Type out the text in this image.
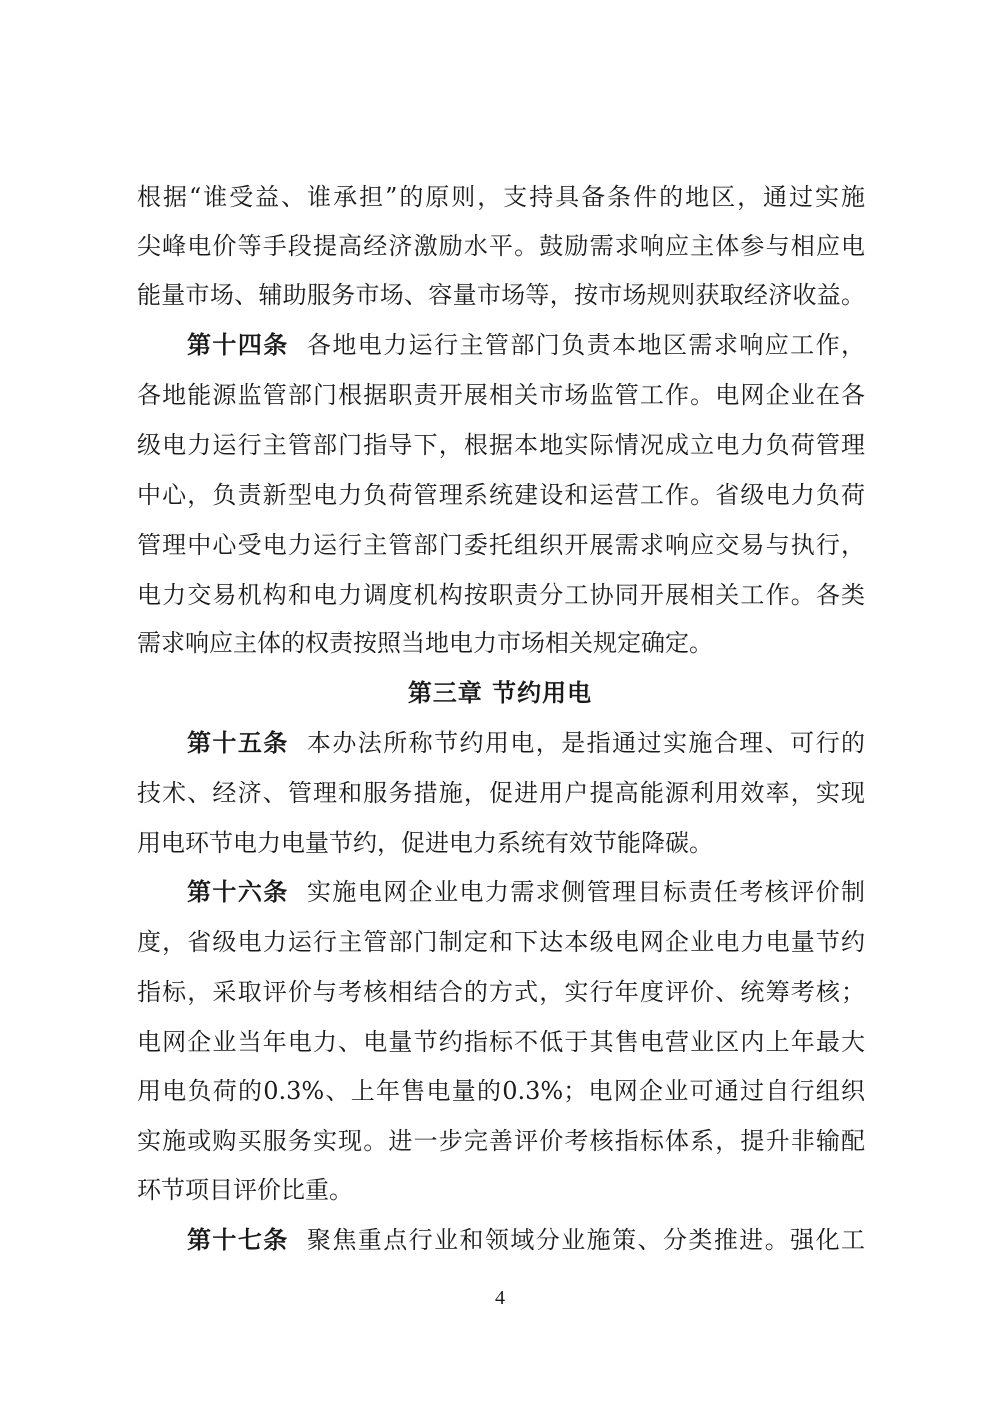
根据“谁受益、谁承担”的原则，支持具备条件的地区，通过实施
尖峰电价等手段提高经济激励水平。鼓励需求响应主体参与相应电
能量市场、辅助服务市场、容量市场等，按市场规则获取经济收益。
第十四条 各地电力运行主管部门负责本地区需求响应工作，
各地能源监管部门根据职责开展相关市场监管工作。电网企业在各
级电力运行主管部门指导下，根据本地实际情况成立电力负荷管理
中心，负责新型电力负荷管理系统建设和运营工作。省级电力负荷
管理中心受电力运行主管部门委托组织开展需求响应交易与执行，
电力交易机构和电力调度机构按职责分工协同开展相关工作。各类
需求响应主体的权责按照当地电力市场相关规定确定。
第三章 节约用电
第十五条 本办法所称节约用电，是指通过实施合理、可行的
技术、经济、管理和服务措施，促进用户提高能源利用效率，实现
用电环节电力电量节约，促进电力系统有效节能降碳。
第十六条 实施电网企业电力需求侧管理目标责任考核评价制
度，省级电力运行主管部门制定和下达本级电网企业电力电量节约
指标，采取评价与考核相结合的方式，实行年度评价、统筹考核；
电网企业当年电力、电量节约指标不低于其售电营业区内上年最大
用电负荷的0.3%、上年售电量的0.3%；电网企业可通过自行组织
实施或购买服务实现。进一步完善评价考核指标体系，提升非输配
环节项目评价比重。
第十七条 聚焦重点行业和领域分业施策、分类推进。强化工
4
